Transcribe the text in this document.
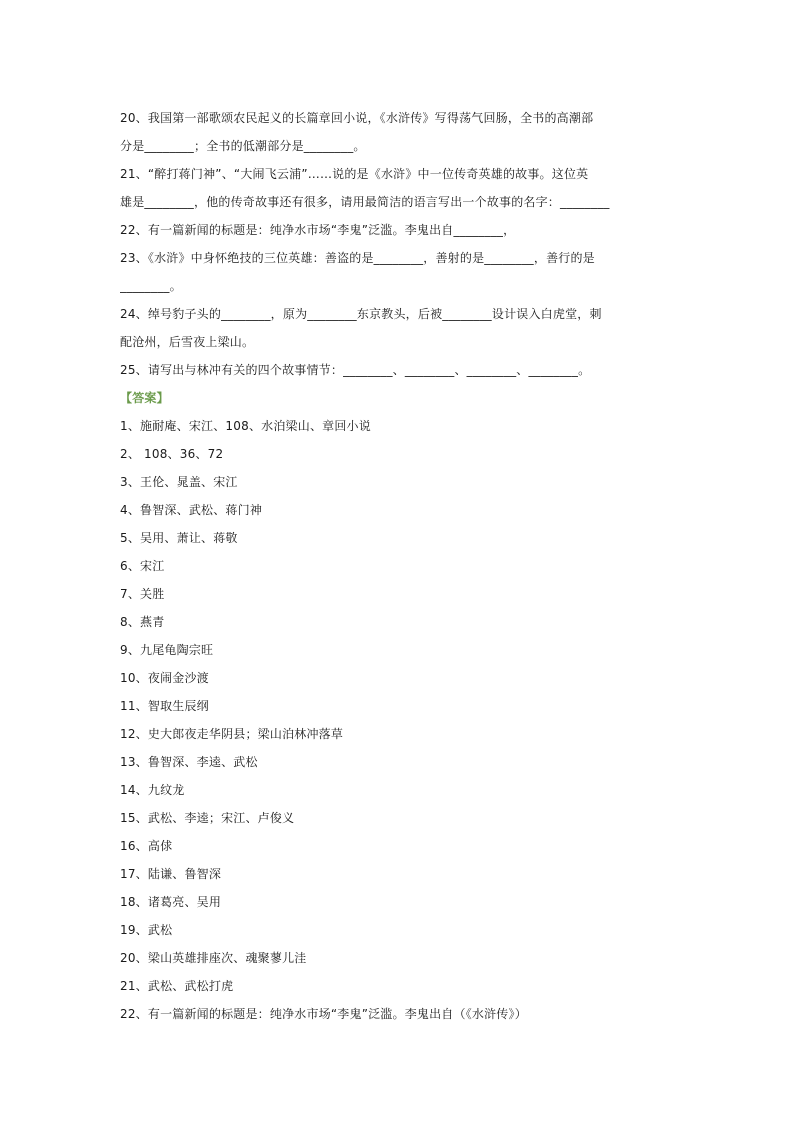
20、我国第一部歌颂农民起义的长篇章回小说，《水浒传》写得荡气回肠，全书的高潮部
分是________；全书的低潮部分是________。
21、“醉打蒋门神”、“大闹飞云浦”……说的是《水浒》中一位传奇英雄的故事。这位英
雄是________，他的传奇故事还有很多，请用最简洁的语言写出一个故事的名字：________
22、有一篇新闻的标题是：纯净水市场“李鬼”泛滥。李鬼出自________，
23、《水浒》中身怀绝技的三位英雄：善盗的是________，善射的是________，善行的是
________。
24、绰号豹子头的________，原为________东京教头，后被________设计误入白虎堂，刺
配沧州，后雪夜上梁山。
25、请写出与林冲有关的四个故事情节：________、________、________、________。
【答案】
1、施耐庵、宋江、108、水泊梁山、章回小说
2、 108、36、72
3、王伦、晁盖、宋江
4、鲁智深、武松、蒋门神
5、吴用、萧让、蒋敬
6、宋江
7、关胜
8、燕青
9、九尾龟陶宗旺
10、夜闹金沙渡
11、智取生辰纲
12、史大郎夜走华阴县；梁山泊林冲落草
13、鲁智深、李逵、武松
14、九纹龙
15、武松、李逵；宋江、卢俊义
16、高俅
17、陆谦、鲁智深
18、诸葛亮、吴用
19、武松
20、梁山英雄排座次、魂聚蓼儿洼
21、武松、武松打虎
22、有一篇新闻的标题是：纯净水市场“李鬼”泛滥。李鬼出自（《水浒传》）
